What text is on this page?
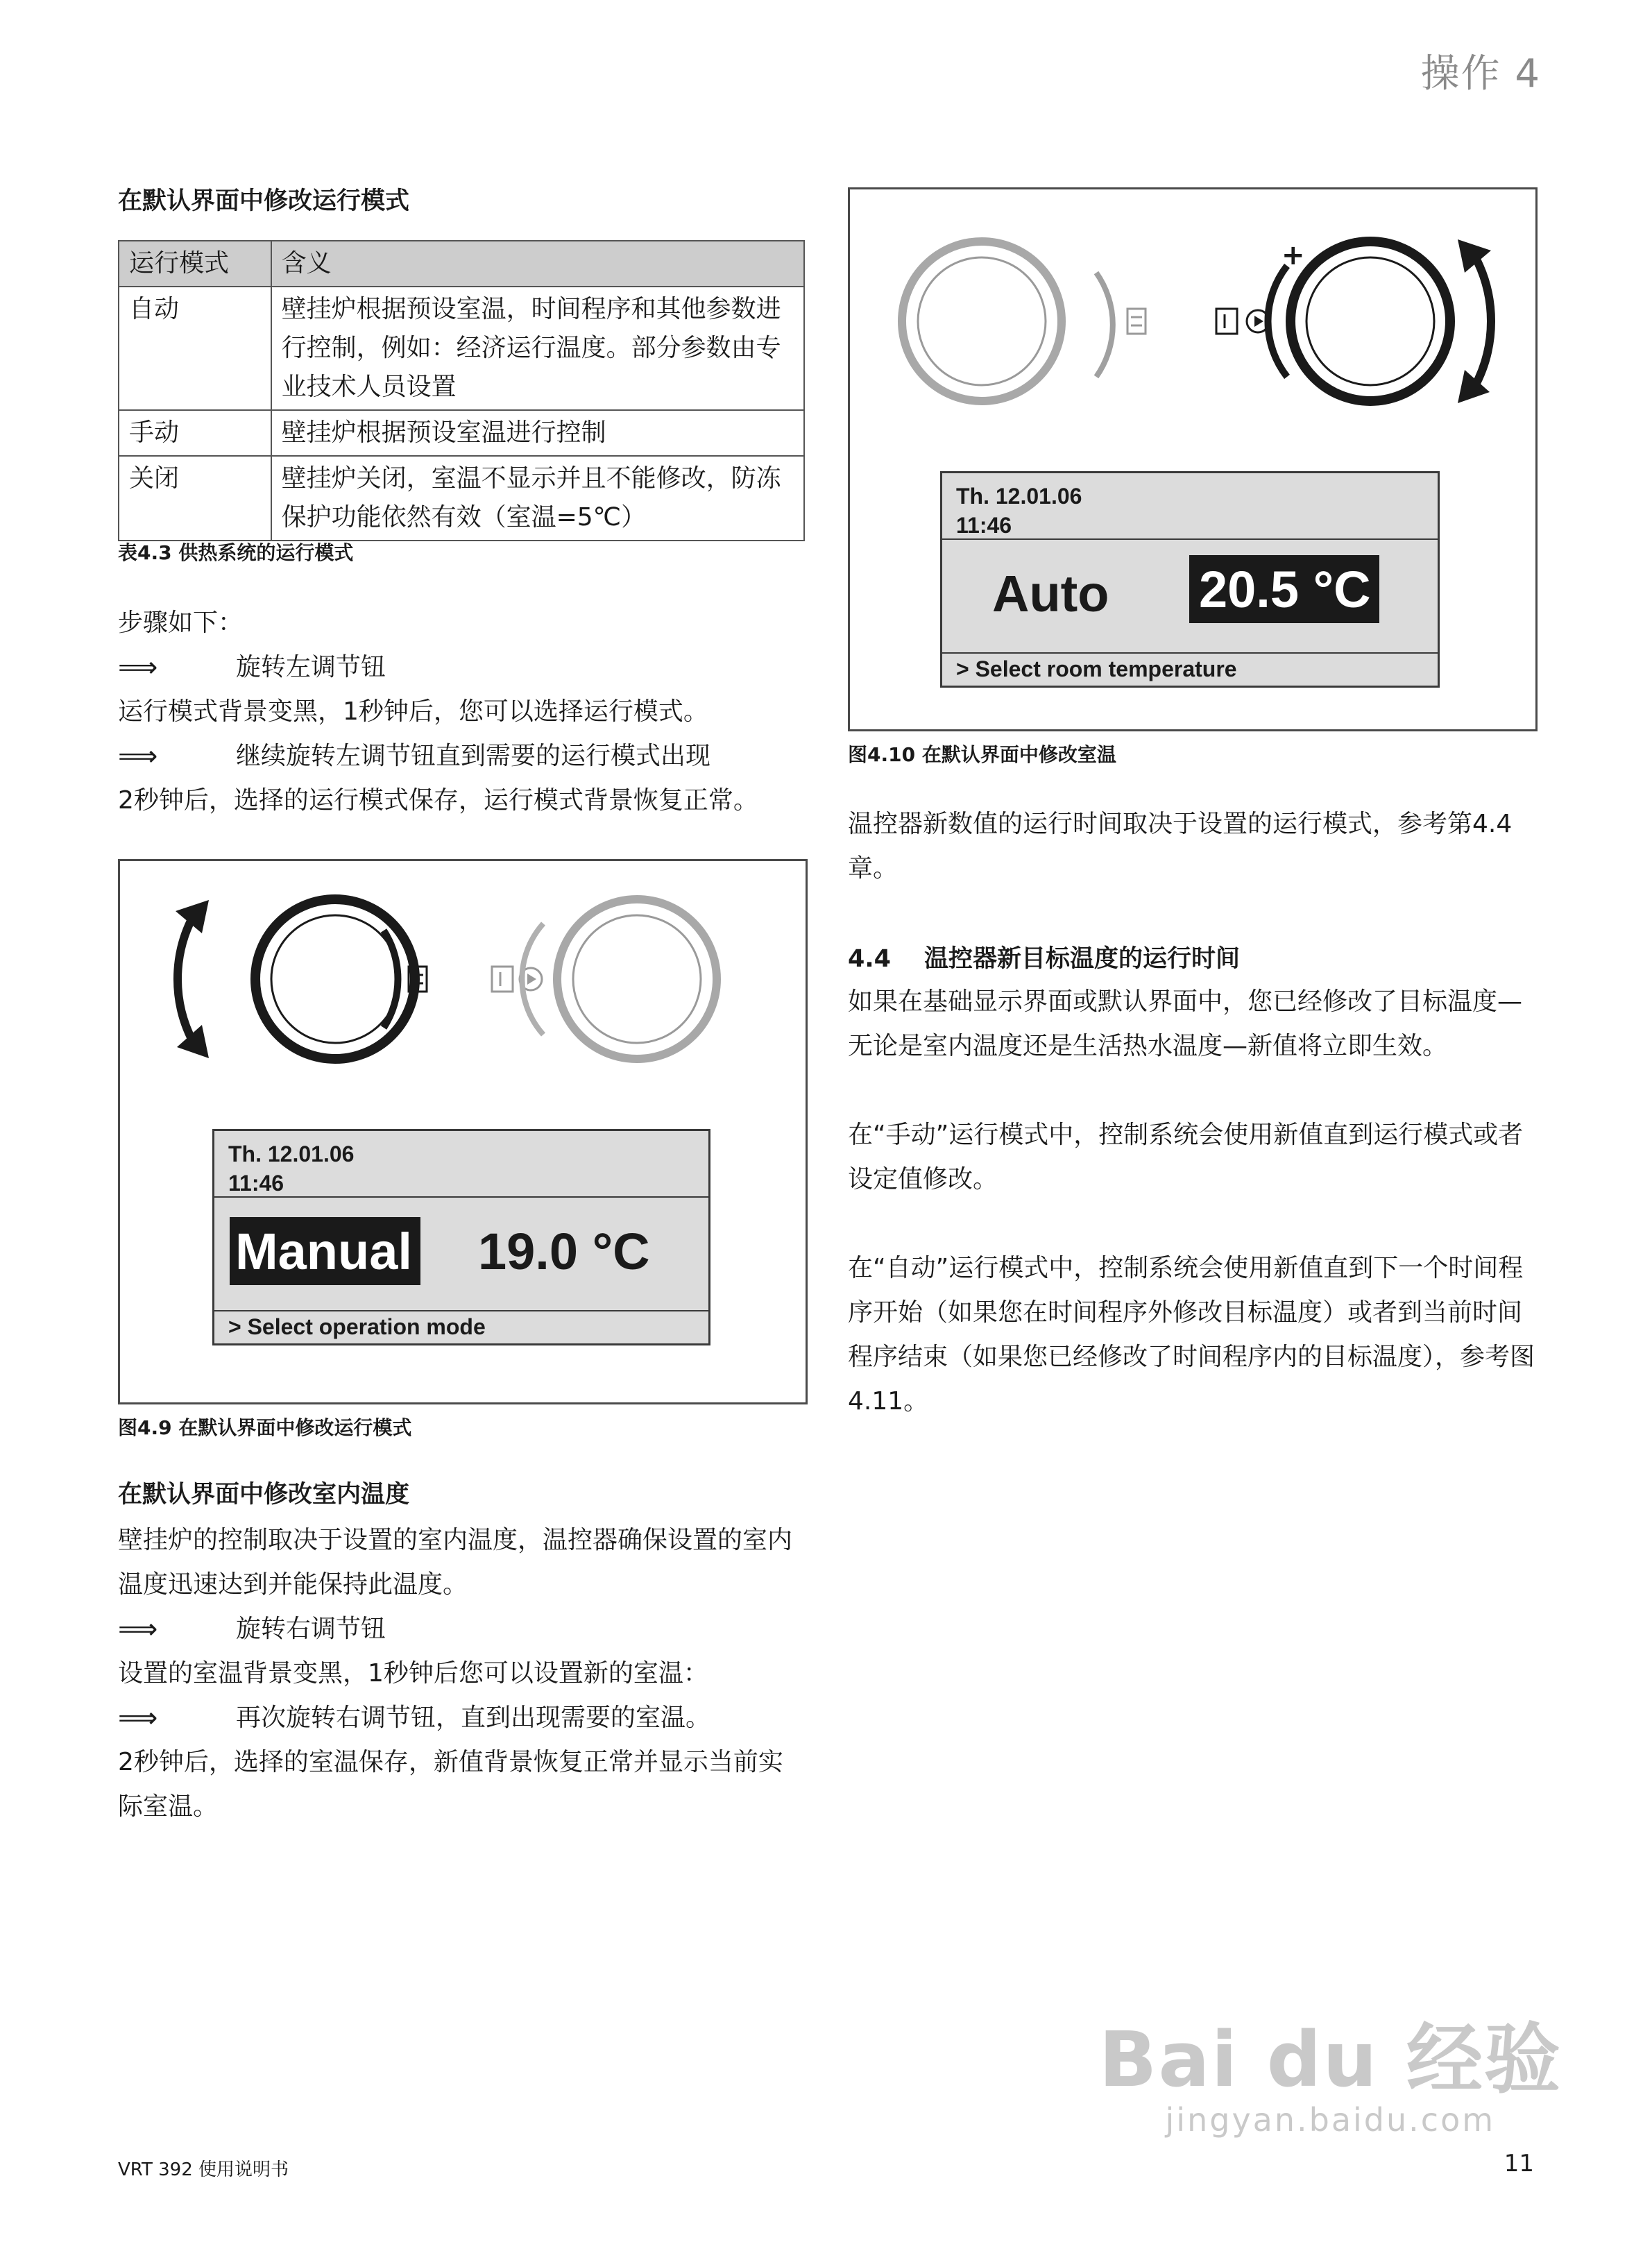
操作 4
在默认界面中修改运行模式
运行模式	含义
自动	壁挂炉根据预设室温，时间程序和其他参数进行控制，例如：经济运行温度。部分参数由专业技术人员设置
手动	壁挂炉根据预设室温进行控制
关闭	壁挂炉关闭，室温不显示并且不能修改，防冻保护功能依然有效（室温=5℃）
表4.3 供热系统的运行模式
步骤如下：
⟹	旋转左调节钮
运行模式背景变黑，1秒钟后，您可以选择运行模式。
⟹	继续旋转左调节钮直到需要的运行模式出现
2秒钟后，选择的运行模式保存，运行模式背景恢复正常。
Th. 12.01.06
11:46
Manual 19.0 °C
> Select operation mode
图4.9 在默认界面中修改运行模式
在默认界面中修改室内温度
壁挂炉的控制取决于设置的室内温度，温控器确保设置的室内温度迅速达到并能保持此温度。
⟹	旋转右调节钮
设置的室温背景变黑，1秒钟后您可以设置新的室温：
⟹	再次旋转右调节钮，直到出现需要的室温。
2秒钟后，选择的室温保存，新值背景恢复正常并显示当前实际室温。
+
Th. 12.01.06
11:46
Auto 20.5 °C
> Select room temperature
图4.10 在默认界面中修改室温
温控器新数值的运行时间取决于设置的运行模式，参考第4.4章。
4.4 温控器新目标温度的运行时间
如果在基础显示界面或默认界面中，您已经修改了目标温度—无论是室内温度还是生活热水温度—新值将立即生效。
在“手动”运行模式中，控制系统会使用新值直到运行模式或者设定值修改。
在“自动”运行模式中，控制系统会使用新值直到下一个时间程序开始（如果您在时间程序外修改目标温度）或者到当前时间程序结束（如果您已经修改了时间程序内的目标温度），参考图4.11。
Bai du 经验
jingyan.baidu.com
VRT 392 使用说明书	11
